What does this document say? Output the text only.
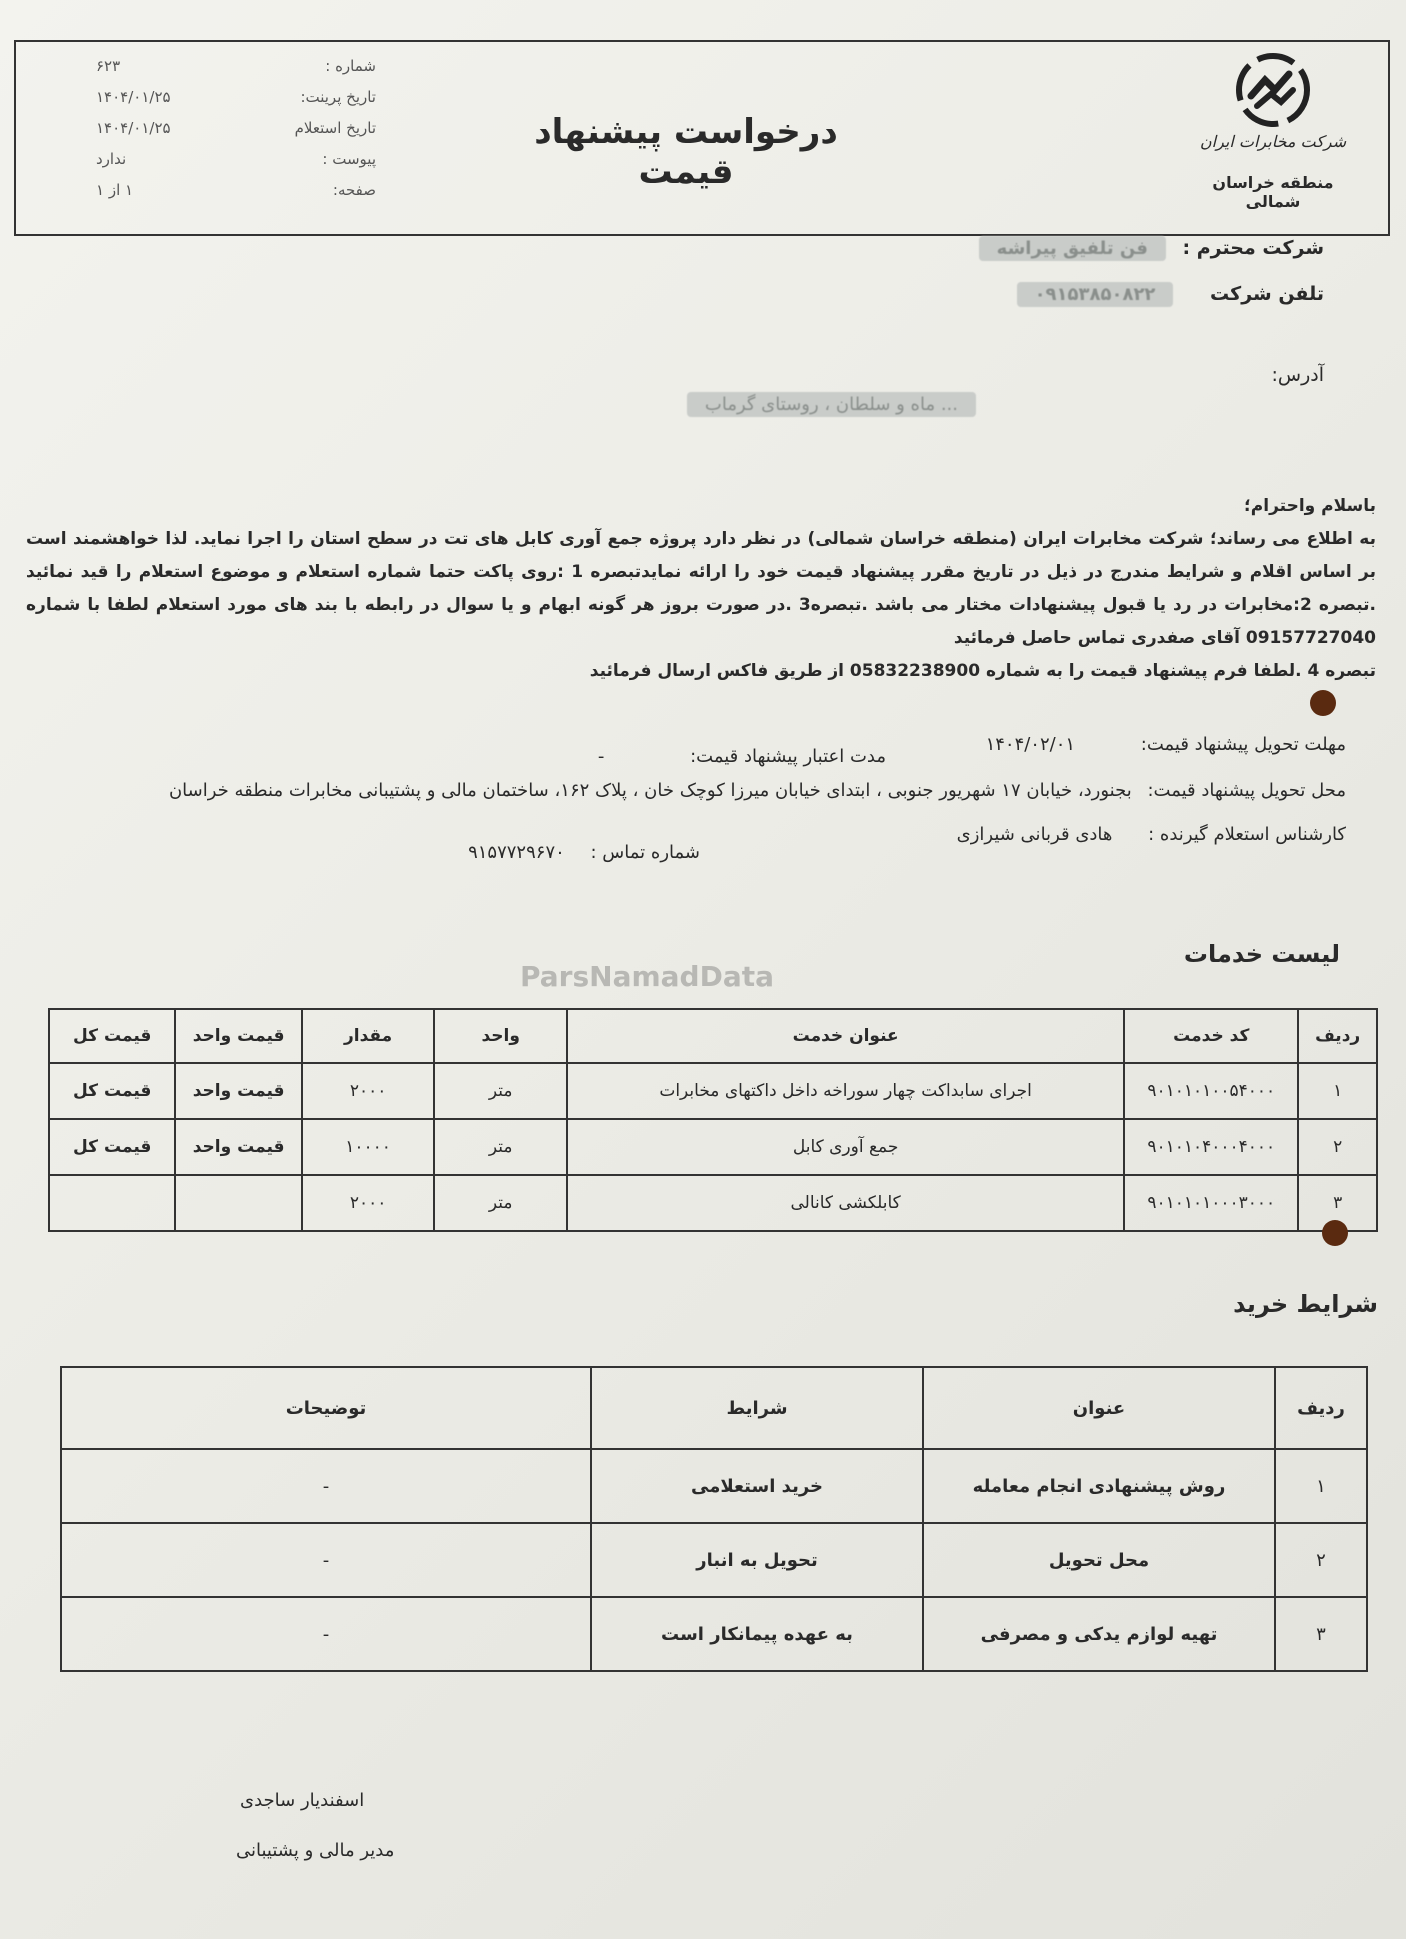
شرکت مخابرات ایران
منطقه خراسان شمالی
درخواست پیشنهاد قیمت
شماره :
۶۲۳
تاریخ پرینت:
۱۴۰۴/۰۱/۲۵
تاریخ استعلام
۱۴۰۴/۰۱/۲۵
پیوست :
ندارد
صفحه:
۱ از ۱
شرکت محترم : فن تلفیق پیراشه
تلفن شرکت ۰۹۱۵۳۸۵۰۸۲۲
آدرس:
... ماه و سلطان ، روستای گرماب
باسلام واحترام؛
به اطلاع می رساند؛ شرکت مخابرات ایران (منطقه خراسان شمالی) در نظر دارد پروژه جمع آوری کابل های تت در سطح استان را اجرا نماید. لذا خواهشمند است بر اساس اقلام و شرایط مندرج در ذیل در تاریخ مقرر پیشنهاد قیمت خود را ارائه نمایدتبصره 1 :روی پاکت حتما شماره استعلام و موضوع استعلام را قید نمائید .تبصره 2:مخابرات در رد یا قبول پیشنهادات مختار می باشد .تبصره3 .در صورت بروز هر گونه ابهام و یا سوال در رابطه با بند های مورد استعلام لطفا با شماره 09157727040 آقای صفدری تماس حاصل فرمائید
تبصره 4 .لطفا فرم پیشنهاد قیمت را به شماره 05832238900 از طریق فاکس ارسال فرمائید
مهلت تحویل پیشنهاد قیمت: ۱۴۰۴/۰۲/۰۱
مدت اعتبار پیشنهاد قیمت: -
محل تحویل پیشنهاد قیمت: بجنورد، خیابان ۱۷ شهریور جنوبی ، ابتدای خیابان میرزا کوچک خان ، پلاک ۱۶۲، ساختمان مالی و پشتیبانی مخابرات منطقه خراسان
کارشناس استعلام گیرنده : هادی قربانی شیرازی
شماره تماس : ۹۱۵۷۷۲۹۶۷۰
ParsNamadData
لیست خدمات
ردیف	کد خدمت	عنوان خدمت	واحد	مقدار	قیمت واحد	قیمت کل
۱	۹۰۱۰۱۰۱۰۰۵۴۰۰۰	اجرای سابداکت چهار سوراخه داخل داکتهای مخابرات	متر	۲۰۰۰	قیمت واحد	قیمت کل
۲	۹۰۱۰۱۰۴۰۰۰۴۰۰۰	جمع آوری کابل	متر	۱۰۰۰۰	قیمت واحد	قیمت کل
۳	۹۰۱۰۱۰۱۰۰۰۳۰۰۰	کابلکشی کانالی	متر	۲۰۰۰		
شرایط خرید
ردیف	عنوان	شرایط	توضیحات
۱	روش پیشنهادی انجام معامله	خرید استعلامی	-
۲	محل تحویل	تحویل به انبار	-
۳	تهیه لوازم یدکی و مصرفی	به عهده پیمانکار است	-
اسفندیار ساجدی
مدیر مالی و پشتیبانی
